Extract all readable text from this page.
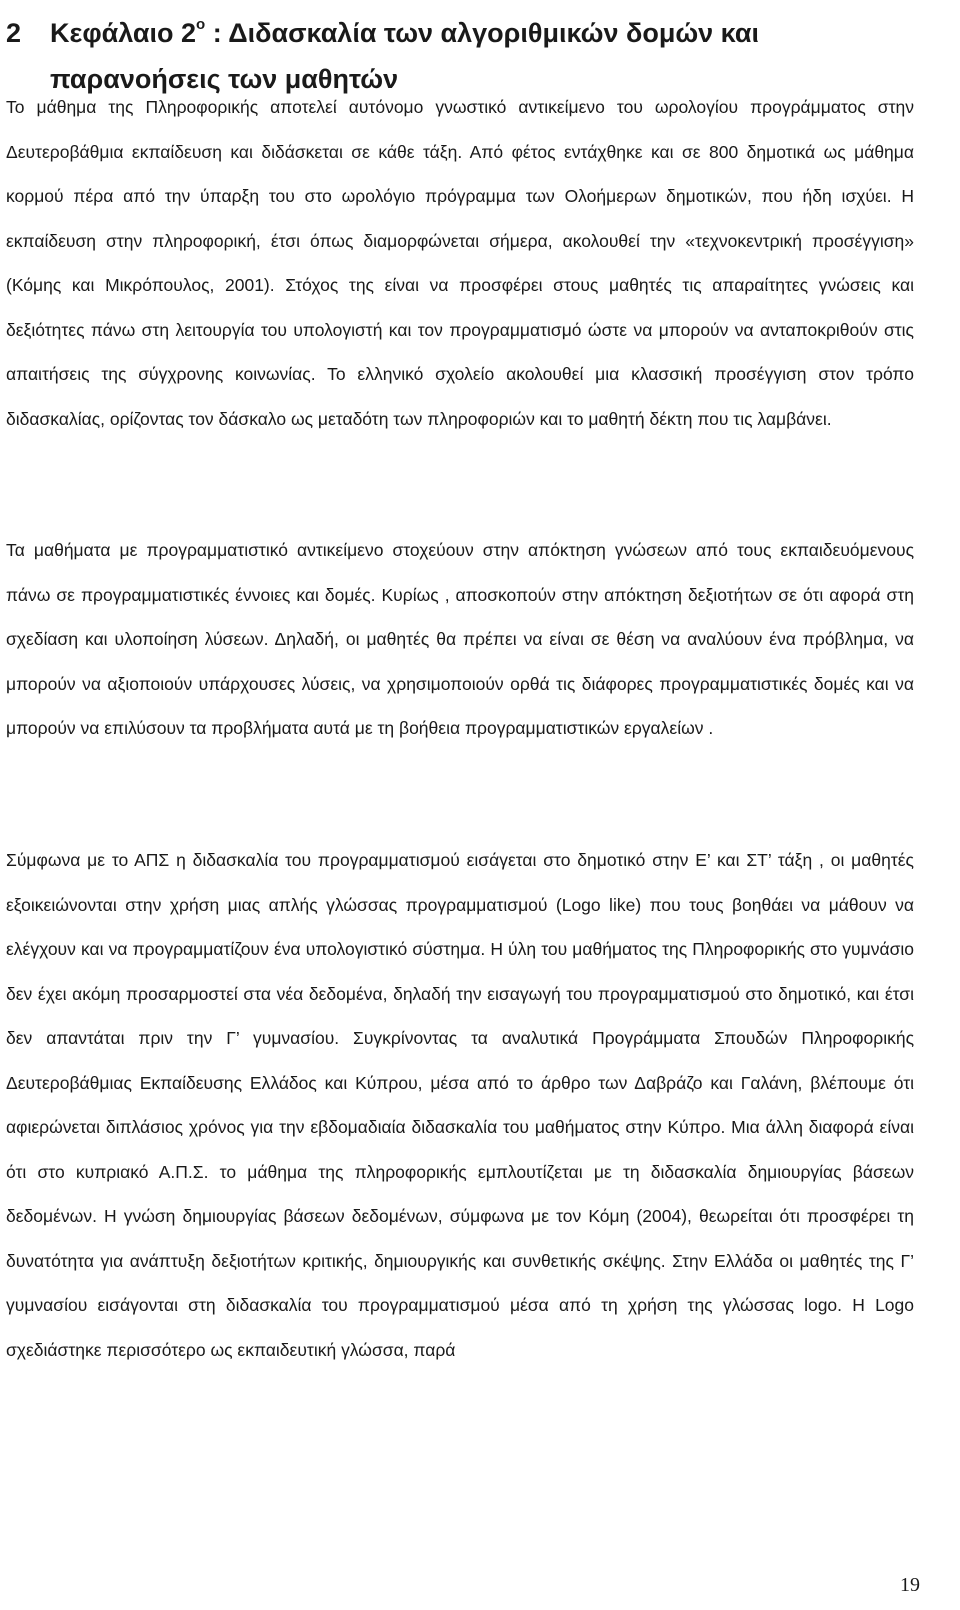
2 Κεφάλαιο $2^o$ : Διδασκαλία των αλγοριθμικών δομών και
παρανοήσεις των μαθητών

Το μάθημα της Πληροφορικής αποτελεί αυτόνομο γνωστικό αντικείμενο του ωρολογίου προγράμματος στην Δευτεροβάθμια εκπαίδευση και διδάσκεται σε κάθε τάξη. Από φέτος εντάχθηκε και σε 800 δημοτικά ως μάθημα κορμού πέρα από την ύπαρξη του στο ωρολόγιο πρόγραμμα των Ολοήμερων δημοτικών, που ήδη ισχύει. Η εκπαίδευση στην πληροφορική, έτσι όπως διαμορφώνεται σήμερα, ακολουθεί την «τεχνοκεντρική προσέγγιση» (Κόμης και Μικρόπουλος, 2001). Στόχος της είναι να προσφέρει στους μαθητές τις απαραίτητες γνώσεις και δεξιότητες πάνω στη λειτουργία του υπολογιστή και τον προγραμματισμό ώστε να μπορούν να ανταποκριθούν στις απαιτήσεις της σύγχρονης κοινωνίας. Το ελληνικό σχολείο ακολουθεί μια κλασσική προσέγγιση στον τρόπο διδασκαλίας, ορίζοντας τον δάσκαλο ως μεταδότη των πληροφοριών και το μαθητή δέκτη που τις λαμβάνει.

Τα μαθήματα με προγραμματιστικό αντικείμενο στοχεύουν στην απόκτηση γνώσεων από τους εκπαιδευόμενους πάνω σε προγραμματιστικές έννοιες και δομές. Κυρίως , αποσκοπούν στην απόκτηση δεξιοτήτων σε ότι αφορά στη σχεδίαση και υλοποίηση λύσεων. Δηλαδή, οι μαθητές θα πρέπει να είναι σε θέση να αναλύουν ένα πρόβλημα, να μπορούν να αξιοποιούν υπάρχουσες λύσεις, να χρησιμοποιούν ορθά τις διάφορες προγραμματιστικές δομές και να μπορούν να επιλύσουν τα προβλήματα αυτά με τη βοήθεια προγραμματιστικών εργαλείων .

Σύμφωνα με το ΑΠΣ η διδασκαλία του προγραμματισμού εισάγεται στο δημοτικό στην Ε’ και ΣΤ’ τάξη , οι μαθητές εξοικειώνονται στην χρήση μιας απλής γλώσσας προγραμματισμού (Logo like) που τους βοηθάει να μάθουν να ελέγχουν και να προγραμματίζουν ένα υπολογιστικό σύστημα. Η ύλη του μαθήματος της Πληροφορικής στο γυμνάσιο δεν έχει ακόμη προσαρμοστεί στα νέα δεδομένα, δηλαδή την εισαγωγή του προγραμματισμού στο δημοτικό, και έτσι δεν απαντάται πριν την Γ’ γυμνασίου. Συγκρίνοντας τα αναλυτικά Προγράμματα Σπουδών Πληροφορικής Δευτεροβάθμιας Εκπαίδευσης Ελλάδος και Κύπρου, μέσα από το άρθρο των Δαβράζο και Γαλάνη, βλέπουμε ότι αφιερώνεται διπλάσιος χρόνος για την εβδομαδιαία διδασκαλία του μαθήματος στην Κύπρο. Μια άλλη διαφορά είναι ότι στο κυπριακό Α.Π.Σ. το μάθημα της πληροφορικής εμπλουτίζεται με τη διδασκαλία δημιουργίας βάσεων δεδομένων. Η γνώση δημιουργίας βάσεων δεδομένων, σύμφωνα με τον Κόμη (2004), θεωρείται ότι προσφέρει τη δυνατότητα για ανάπτυξη δεξιοτήτων κριτικής, δημιουργικής και συνθετικής σκέψης. Στην Ελλάδα οι μαθητές της Γ’ γυμνασίου εισάγονται στη διδασκαλία του προγραμματισμού μέσα από τη χρήση της γλώσσας logo. Η Logo σχεδιάστηκε περισσότερο ως εκπαιδευτική γλώσσα, παρά

19
